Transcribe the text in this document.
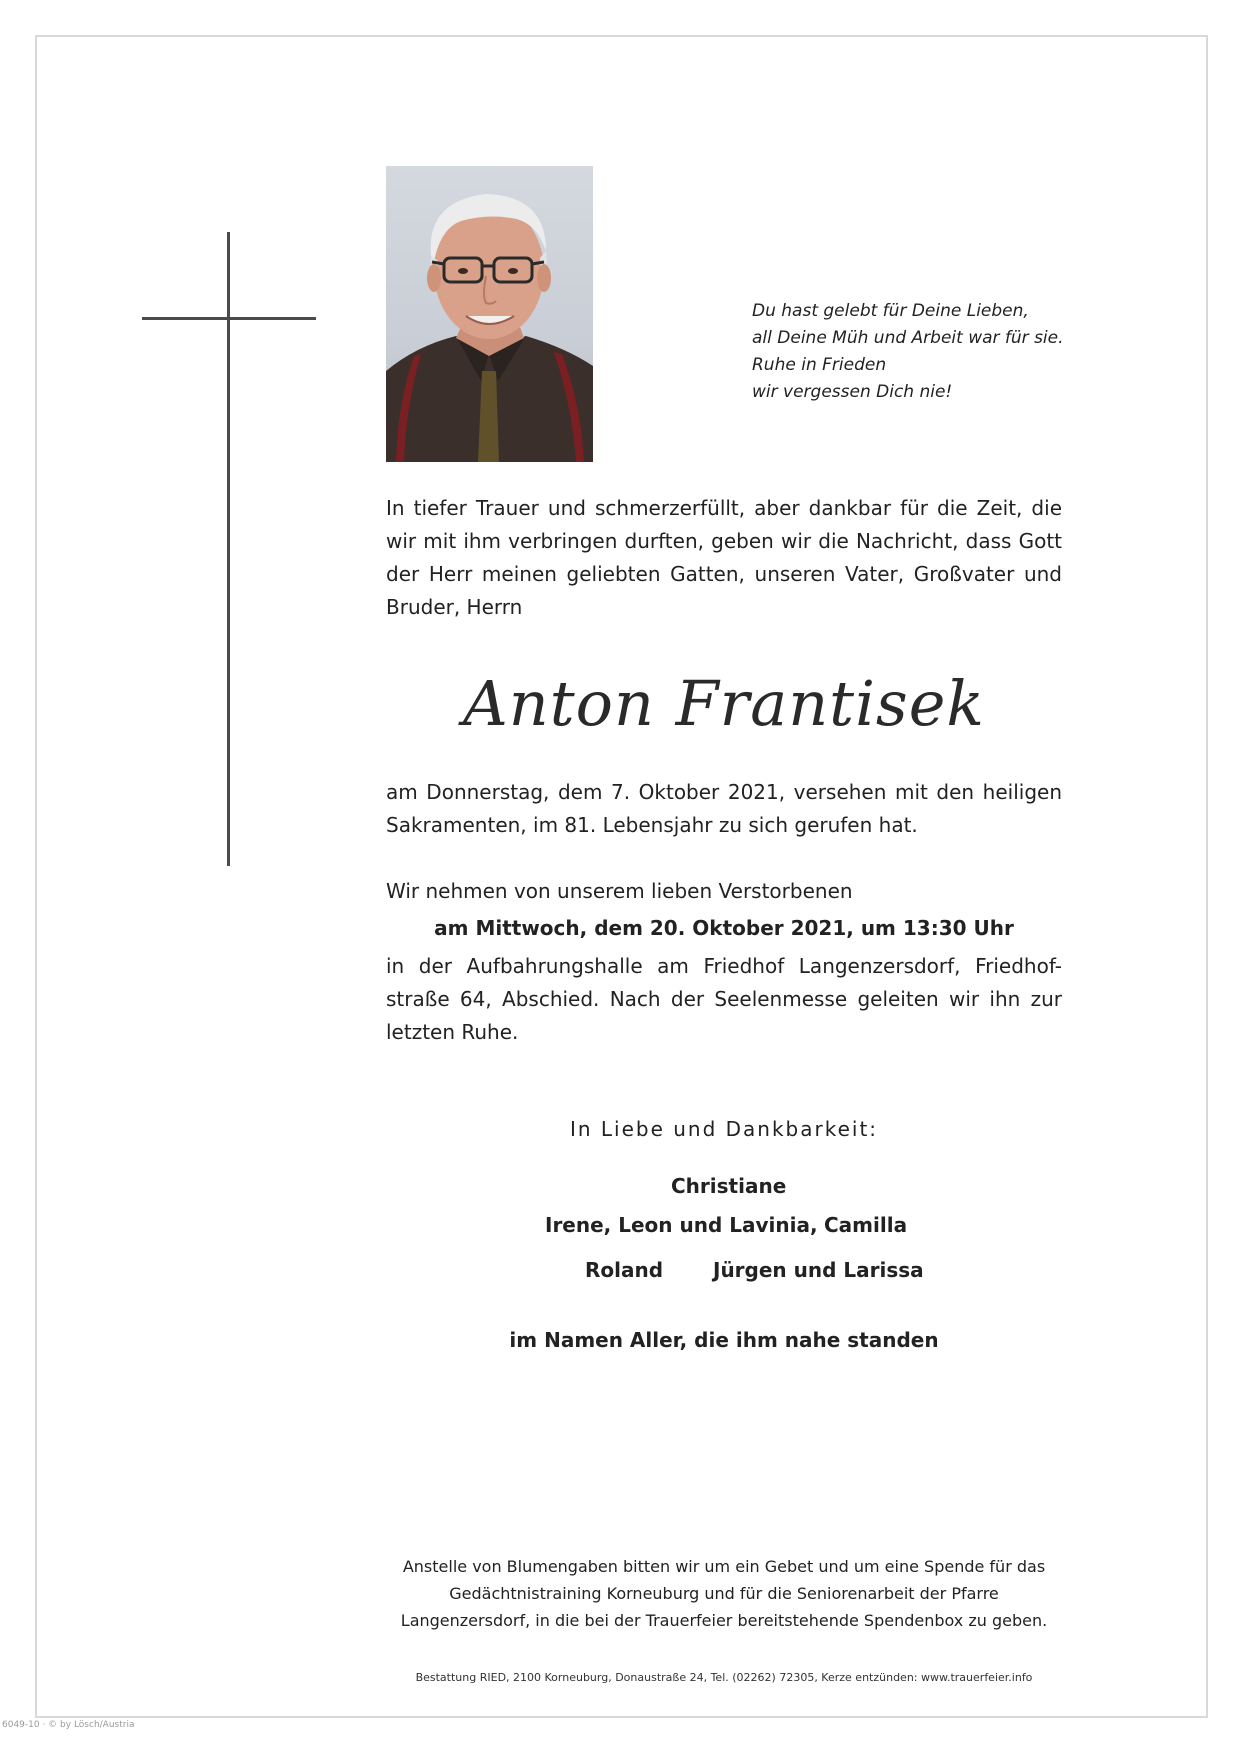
Du hast gelebt für Deine Lieben,
all Deine Müh und Arbeit war für sie.
Ruhe in Frieden
wir vergessen Dich nie!
In tiefer Trauer und schmerzerfüllt, aber dankbar für die Zeit, die wir mit ihm verbringen durften, geben wir die Nachricht, dass Gott der Herr meinen geliebten Gatten, unseren Vater, Großvater und Bruder, Herrn
Anton Frantisek
am Donnerstag, dem 7. Oktober 2021, versehen mit den heiligen Sakramenten, im 81. Lebensjahr zu sich gerufen hat.
Wir nehmen von unserem lieben Verstorbenen
am Mittwoch, dem 20. Oktober 2021, um 13:30 Uhr
in der Aufbahrungshalle am Friedhof Langenzersdorf, Friedhof-straße 64, Abschied. Nach der Seelenmesse geleiten wir ihn zur letzten Ruhe.
In Liebe und Dankbarkeit:
Christiane
Irene, Leon und Lavinia, Camilla
Roland Jürgen und Larissa
im Namen Aller, die ihm nahe standen
Anstelle von Blumengaben bitten wir um ein Gebet und um eine Spende für das
Gedächtnistraining Korneuburg und für die Seniorenarbeit der Pfarre
Langenzersdorf, in die bei der Trauerfeier bereitstehende Spendenbox zu geben.
Bestattung RIED, 2100 Korneuburg, Donaustraße 24, Tel. (02262) 72305, Kerze entzünden: www.trauerfeier.info
6049-10 · © by Lösch/Austria
